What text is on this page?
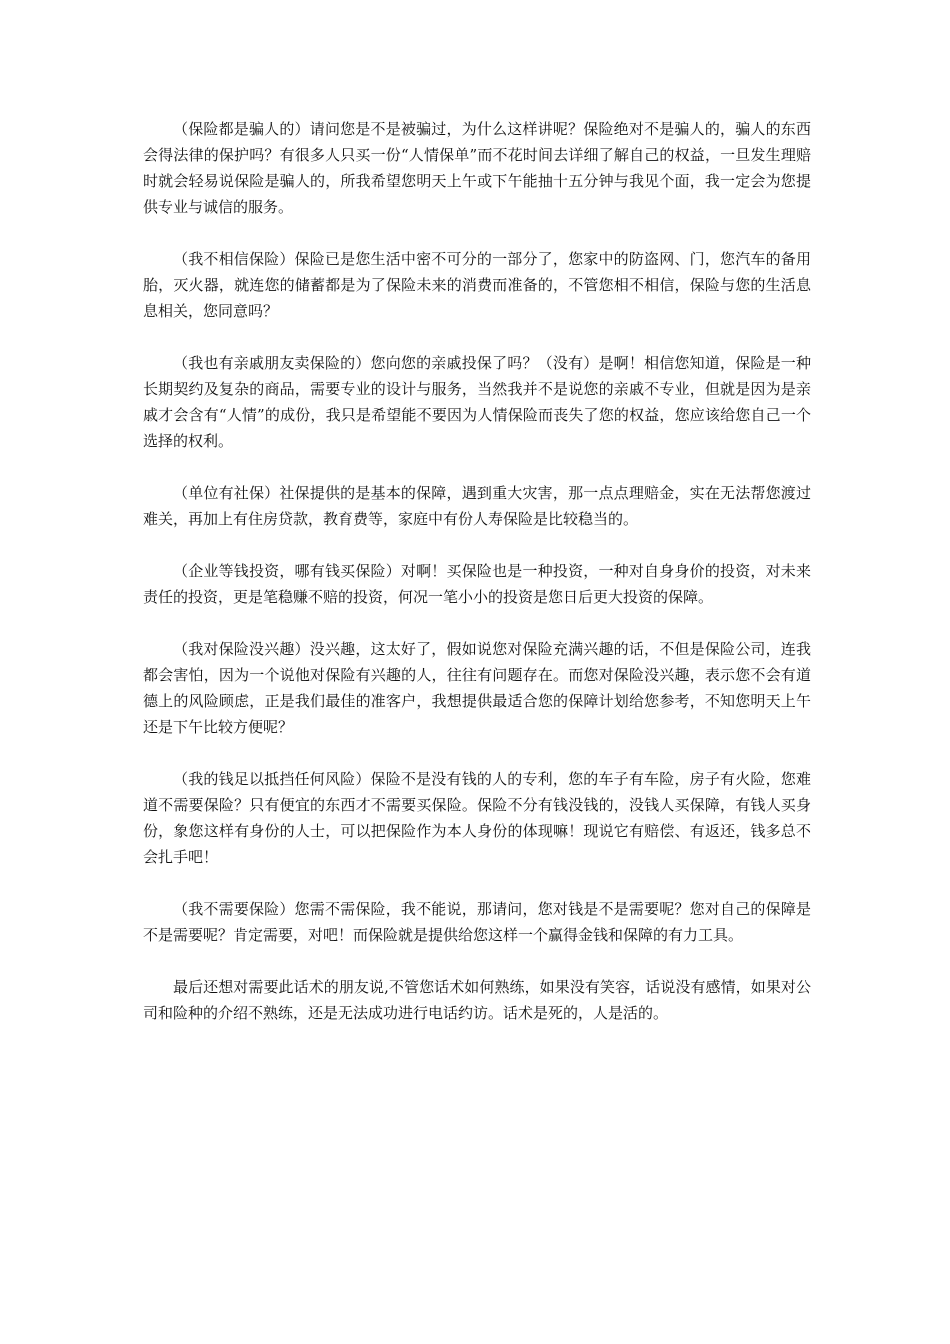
（保险都是骗人的）请问您是不是被骗过，为什么这样讲呢？保险绝对不是骗人的，骗人的东西会得法律的保护吗？有很多人只买一份“人情保单”而不花时间去详细了解自己的权益，一旦发生理赔时就会轻易说保险是骗人的，所我希望您明天上午或下午能抽十五分钟与我见个面，我一定会为您提供专业与诚信的服务。

（我不相信保险）保险已是您生活中密不可分的一部分了，您家中的防盗网、门，您汽车的备用胎，灭火器，就连您的储蓄都是为了保险未来的消费而准备的，不管您相不相信，保险与您的生活息息相关，您同意吗？

（我也有亲戚朋友卖保险的）您向您的亲戚投保了吗？（没有）是啊！相信您知道，保险是一种长期契约及复杂的商品，需要专业的设计与服务，当然我并不是说您的亲戚不专业，但就是因为是亲戚才会含有“人情”的成份，我只是希望能不要因为人情保险而丧失了您的权益，您应该给您自己一个选择的权利。

（单位有社保）社保提供的是基本的保障，遇到重大灾害，那一点点理赔金，实在无法帮您渡过难关，再加上有住房贷款，教育费等，家庭中有份人寿保险是比较稳当的。

（企业等钱投资，哪有钱买保险）对啊！买保险也是一种投资，一种对自身身价的投资，对未来责任的投资，更是笔稳赚不赔的投资，何况一笔小小的投资是您日后更大投资的保障。

（我对保险没兴趣）没兴趣，这太好了，假如说您对保险充满兴趣的话，不但是保险公司，连我都会害怕，因为一个说他对保险有兴趣的人，往往有问题存在。而您对保险没兴趣，表示您不会有道德上的风险顾虑，正是我们最佳的准客户，我想提供最适合您的保障计划给您参考，不知您明天上午还是下午比较方便呢？

（我的钱足以抵挡任何风险）保险不是没有钱的人的专利，您的车子有车险，房子有火险，您难道不需要保险？只有便宜的东西才不需要买保险。保险不分有钱没钱的，没钱人买保障，有钱人买身份，象您这样有身份的人士，可以把保险作为本人身份的体现嘛！现说它有赔偿、有返还，钱多总不会扎手吧！

（我不需要保险）您需不需保险，我不能说，那请问，您对钱是不是需要呢？您对自己的保障是不是需要呢？肯定需要，对吧！而保险就是提供给您这样一个赢得金钱和保障的有力工具。

最后还想对需要此话术的朋友说,不管您话术如何熟练，如果没有笑容，话说没有感情，如果对公司和险种的介绍不熟练，还是无法成功进行电话约访。话术是死的，人是活的。
